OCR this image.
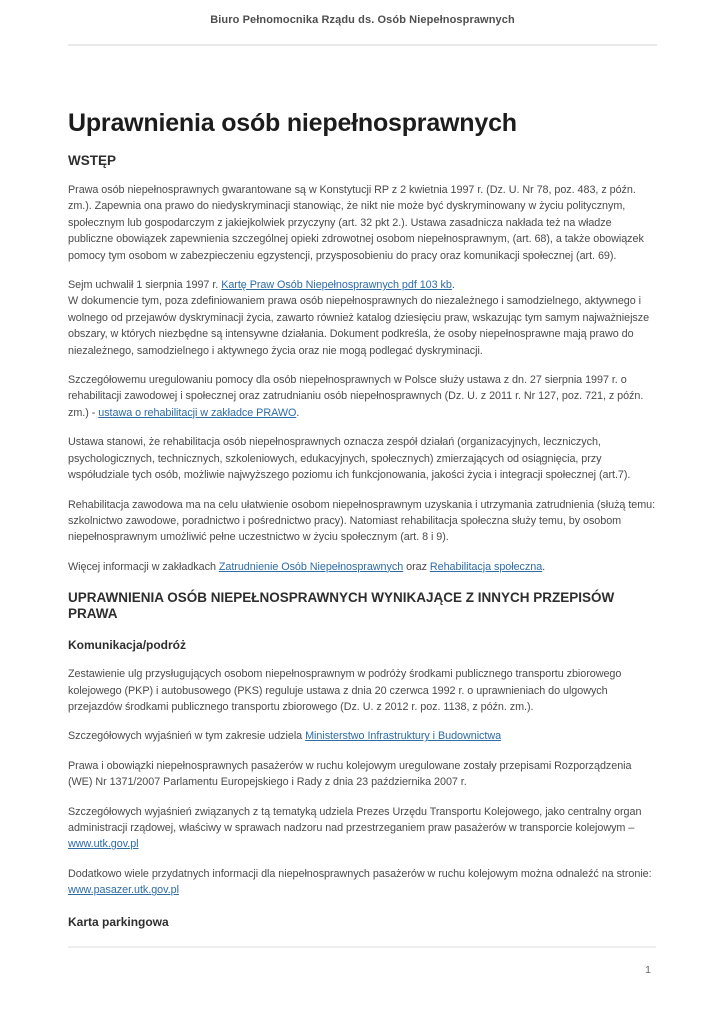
Biuro Pełnomocnika Rządu ds. Osób Niepełnosprawnych
Uprawnienia osób niepełnosprawnych
WSTĘP

Prawa osób niepełnosprawnych gwarantowane są w Konstytucji RP z 2 kwietnia 1997 r. (Dz. U. Nr 78, poz. 483, z późn. zm.). Zapewnia ona prawo do niedyskryminacji stanowiąc, że nikt nie może być dyskryminowany w życiu politycznym, społecznym lub gospodarczym z jakiejkolwiek przyczyny (art. 32 pkt 2.). Ustawa zasadnicza nakłada też na władze publiczne obowiązek zapewnienia szczególnej opieki zdrowotnej osobom niepełnosprawnym, (art. 68), a także obowiązek pomocy tym osobom w zabezpieczeniu egzystencji, przysposobieniu do pracy oraz komunikacji społecznej (art. 69).

Sejm uchwalił 1 sierpnia 1997 r. Kartę Praw Osób Niepełnosprawnych pdf 103 kb.
W dokumencie tym, poza zdefiniowaniem prawa osób niepełnosprawnych do niezależnego i samodzielnego, aktywnego i wolnego od przejawów dyskryminacji życia, zawarto również katalog dziesięciu praw, wskazując tym samym najważniejsze obszary, w których niezbędne są intensywne działania. Dokument podkreśla, że osoby niepełnosprawne mają prawo do niezależnego, samodzielnego i aktywnego życia oraz nie mogą podlegać dyskryminacji.

Szczegółowemu uregulowaniu pomocy dla osób niepełnosprawnych w Polsce służy ustawa z dn. 27 sierpnia 1997 r. o rehabilitacji zawodowej i społecznej oraz zatrudnianiu osób niepełnosprawnych (Dz. U. z 2011 r. Nr 127, poz. 721, z późn. zm.) - ustawa o rehabilitacji w zakładce PRAWO.

Ustawa stanowi, że rehabilitacja osób niepełnosprawnych oznacza zespół działań (organizacyjnych, leczniczych, psychologicznych, technicznych, szkoleniowych, edukacyjnych, społecznych) zmierzających od osiągnięcia, przy współudziale tych osób, możliwie najwyższego poziomu ich funkcjonowania, jakości życia i integracji społecznej (art.7).

Rehabilitacja zawodowa ma na celu ułatwienie osobom niepełnosprawnym uzyskania i utrzymania zatrudnienia (służą temu: szkolnictwo zawodowe, poradnictwo i pośrednictwo pracy). Natomiast rehabilitacja społeczna służy temu, by osobom niepełnosprawnym umożliwić pełne uczestnictwo w życiu społecznym (art. 8 i 9).

Więcej informacji w zakładkach Zatrudnienie Osób Niepełnosprawnych oraz Rehabilitacja społeczna.

UPRAWNIENIA OSÓB NIEPEŁNOSPRAWNYCH WYNIKAJĄCE Z INNYCH PRZEPISÓW PRAWA
Komunikacja/podróż

Zestawienie ulg przysługujących osobom niepełnosprawnym w podróży środkami publicznego transportu zbiorowego kolejowego (PKP) i autobusowego (PKS) reguluje ustawa z dnia 20 czerwca 1992 r. o uprawnieniach do ulgowych przejazdów środkami publicznego transportu zbiorowego (Dz. U. z 2012 r. poz. 1138, z późn. zm.).

Szczegółowych wyjaśnień w tym zakresie udziela Ministerstwo Infrastruktury i Budownictwa

Prawa i obowiązki niepełnosprawnych pasażerów w ruchu kolejowym uregulowane zostały przepisami Rozporządzenia (WE) Nr 1371/2007 Parlamentu Europejskiego i Rady z dnia 23 października 2007 r.

Szczegółowych wyjaśnień związanych z tą tematyką udziela Prezes Urzędu Transportu Kolejowego, jako centralny organ administracji rządowej, właściwy w sprawach nadzoru nad przestrzeganiem praw pasażerów w transporcie kolejowym – www.utk.gov.pl

Dodatkowo wiele przydatnych informacji dla niepełnosprawnych pasażerów w ruchu kolejowym można odnaleźć na stronie: www.pasazer.utk.gov.pl

Karta parkingowa
1
